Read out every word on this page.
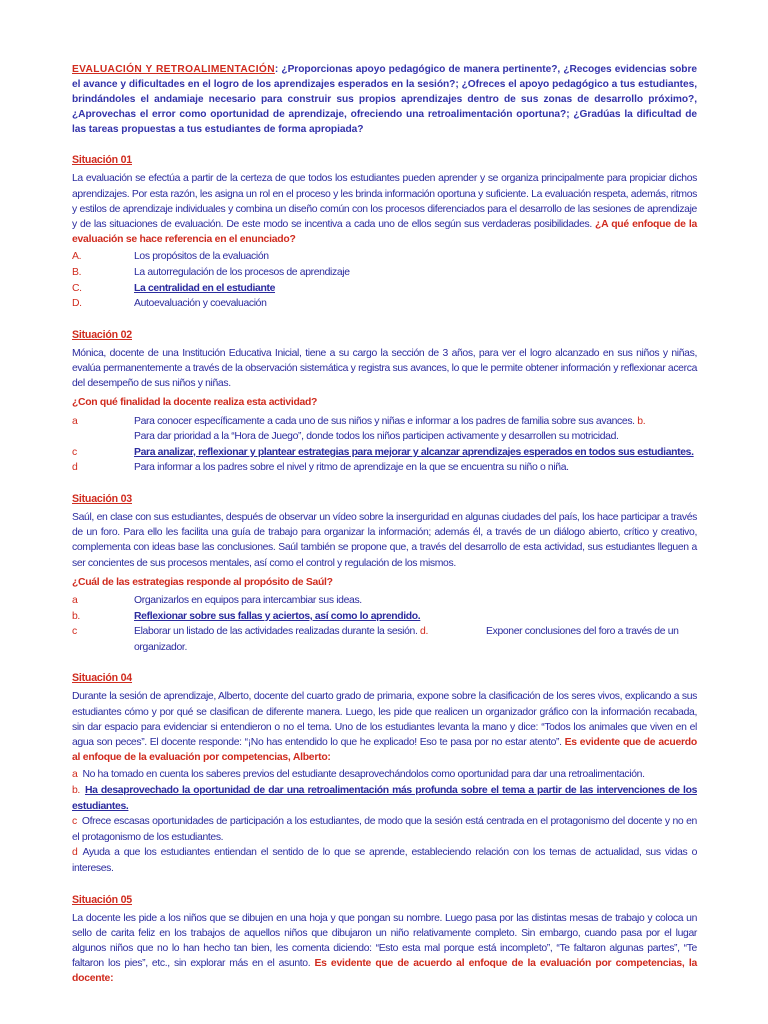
EVALUACIÓN Y RETROALIMENTACIÓN: ¿Proporcionas apoyo pedagógico de manera pertinente?, ¿Recoges evidencias sobre el avance y dificultades en el logro de los aprendizajes esperados en la sesión?; ¿Ofreces el apoyo pedagógico a tus estudiantes, brindándoles el andamiaje necesario para construir sus propios aprendizajes dentro de sus zonas de desarrollo próximo?,¿Aprovechas el error como oportunidad de aprendizaje, ofreciendo una retroalimentación oportuna?; ¿Gradúas la dificultad de las tareas propuestas a tus estudiantes de forma apropiada?

Situación 01

La evaluación se efectúa a partir de la certeza de que todos los estudiantes pueden aprender y se organiza principalmente para propiciar dichos aprendizajes. Por esta razón, les asigna un rol en el proceso y les brinda información oportuna y suficiente. La evaluación respeta, además, ritmos y estilos de aprendizaje individuales y combina un diseño común con los procesos diferenciados para el desarrollo de las sesiones de aprendizaje y de las situaciones de evaluación. De este modo se incentiva a cada uno de ellos según sus verdaderas posibilidades. ¿A qué enfoque de la evaluación se hace referencia en el enunciado?

A.	Los propósitos de la evaluación

B.	La autorregulación de los procesos de aprendizaje

C.	La centralidad en el estudiante

D.	Autoevaluación y coevaluación

Situación 02

Mónica, docente de una Institución Educativa Inicial, tiene a su cargo la sección de 3 años, para ver el logro alcanzado en sus niños y niñas, evalúa permanentemente a través de la observación sistemática y registra sus avances, lo que le permite obtener información y reflexionar acerca del desempeño de sus niños y niñas.

¿Con qué finalidad la docente realiza esta actividad?

a	Para conocer específicamente a cada uno de sus niños y niñas e informar a los padres de familia sobre sus avances. b.
Para dar prioridad a la “Hora de Juego”, donde todos los niños participen activamente y desarrollen su motricidad.

c	Para analizar, reflexionar y plantear estrategias para mejorar y alcanzar aprendizajes esperados en todos sus estudiantes.

d	Para informar a los padres sobre el nivel y ritmo de aprendizaje en la que se encuentra su niño o niña.

Situación 03

Saúl, en clase con sus estudiantes, después de observar un vídeo sobre la inserguridad en algunas ciudades del país, los hace participar a través de un foro. Para ello les facilita una guía de trabajo para organizar la información; además él, a través de un diálogo abierto, crítico y creativo, complementa con ideas base las conclusiones. Saúl también se propone que, a través del desarrollo de esta actividad, sus estudiantes lleguen a ser concientes de sus procesos mentales, así como el control y regulación de los mismos.

¿Cuál de las estrategias responde al propósito de Saúl?

a	Organizarlos en equipos para intercambiar sus ideas.

b.	Reflexionar sobre sus fallas y aciertos, así como lo aprendido.

c	Elaborar un listado de las actividades realizadas durante la sesión. d.	Exponer conclusiones del foro a través de un organizador.

Situación 04

Durante la sesión de aprendizaje, Alberto, docente del cuarto grado de primaria, expone sobre la clasificación de los seres vivos, explicando a sus estudiantes cómo y por qué se clasifican de diferente manera. Luego, les pide que realicen un organizador gráfico con la información recabada, sin dar espacio para evidenciar si entendieron o no el tema. Uno de los estudiantes levanta la mano y dice: “Todos los animales que viven en el agua son peces”. El docente responde: “¡No has entendido lo que he explicado! Eso te pasa por no estar atento”. Es evidente que de acuerdo al enfoque de la evaluación por competencias, Alberto:

a No ha tomado en cuenta los saberes previos del estudiante desaprovechándolos como oportunidad para dar una retroalimentación.

b. Ha desaprovechado la oportunidad de dar una retroalimentación más profunda sobre el tema a partir de las intervenciones de los estudiantes.

c Ofrece escasas oportunidades de participación a los estudiantes, de modo que la sesión está centrada en el protagonismo del docente y no en el protagonismo de los estudiantes.

d Ayuda a que los estudiantes entiendan el sentido de lo que se aprende, estableciendo relación con los temas de actualidad, sus vidas o intereses.

Situación 05

La docente les pide a los niños que se dibujen en una hoja y que pongan su nombre. Luego pasa por las distintas mesas de trabajo y coloca un sello de carita feliz en los trabajos de aquellos niños que dibujaron un niño relativamente completo. Sin embargo, cuando pasa por el lugar algunos niños que no lo han hecho tan bien, les comenta diciendo: “Esto esta mal porque está incompleto”, “Te faltaron algunas partes”, “Te faltaron los pies”, etc., sin explorar más en el asunto. Es evidente que de acuerdo al enfoque de la evaluación por competencias, la docente:
